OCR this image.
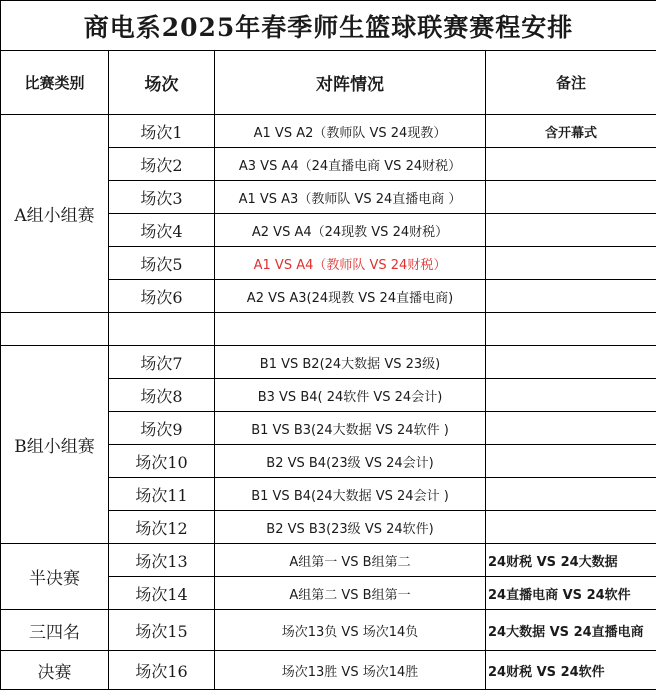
商电系2025年春季师生篮球联赛赛程安排			
比赛类别	场次	对阵情况	备注
A组小组赛	场次1	A1 VS A2（教师队 VS 24现教）	含开幕式
	场次2	A3 VS A4（24直播电商 VS 24财税）	
	场次3	A1 VS A3（教师队 VS 24直播电商 ）	
	场次4	A2 VS A4（24现教 VS 24财税）	
	场次5	A1 VS A4（教师队 VS 24财税）	
	场次6	A2 VS A3(24现教 VS 24直播电商)	

B组小组赛	场次7	B1 VS B2(24大数据 VS 23级)	
	场次8	B3 VS B4( 24软件 VS 24会计)	
	场次9	B1 VS B3(24大数据 VS 24软件 )	
	场次10	B2 VS B4(23级 VS 24会计)	
	场次11	B1 VS B4(24大数据 VS 24会计 )	
	场次12	B2 VS B3(23级 VS 24软件)	
半决赛	场次13	A组第一 VS B组第二	24财税 VS 24大数据
	场次14	A组第二 VS B组第一	24直播电商 VS 24软件
三四名	场次15	场次13负 VS 场次14负	24大数据 VS 24直播电商
决赛	场次16	场次13胜 VS 场次14胜	24财税 VS 24软件
